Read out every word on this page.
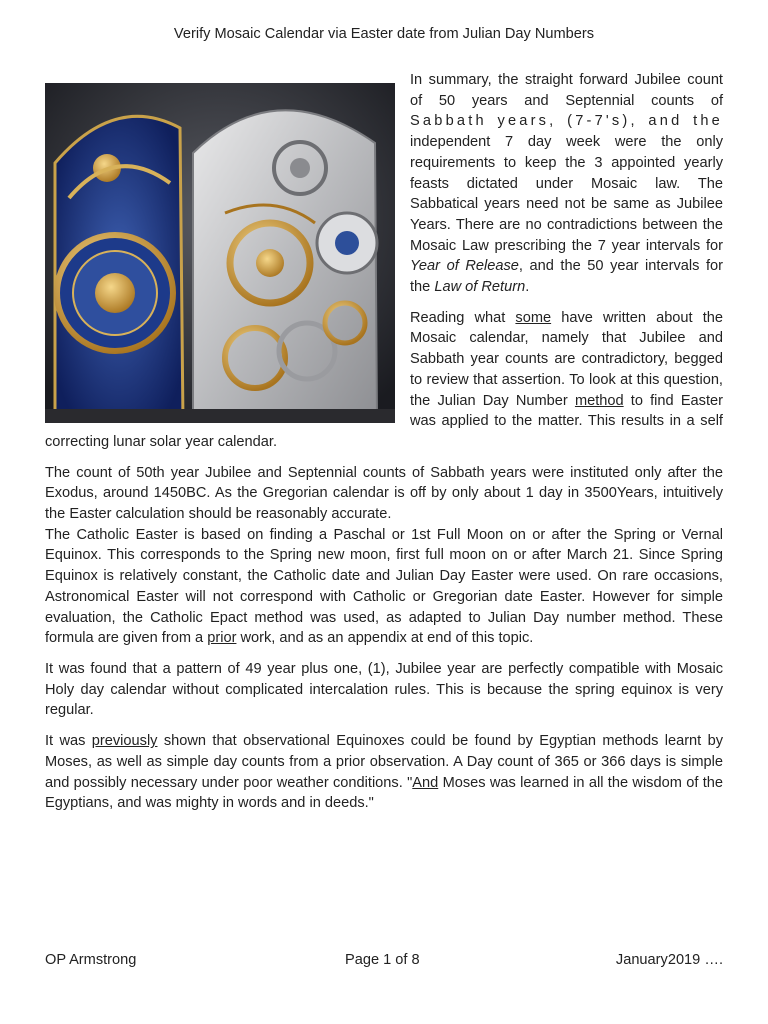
Verify Mosaic Calendar via Easter date from Julian Day Numbers

In summary, the straight forward Jubilee count of 50 years and Septennial counts of Sabbath years, (7-7's), and the independent 7 day week were the only requirements to keep the 3 appointed yearly feasts dictated under Mosaic law. The Sabbatical years need not be same as Jubilee Years. There are no contradictions between the Mosaic Law prescribing the 7 year intervals for Year of Release, and the 50 year intervals for the Law of Return.

Reading what some have written about the Mosaic calendar, namely that Jubilee and Sabbath year counts are contradictory, begged to review that assertion. To look at this question, the Julian Day Number method to find Easter was applied to the matter. This results in a self correcting lunar solar year calendar.

The count of 50th year Jubilee and Septennial counts of Sabbath years were instituted only after the Exodus, around 1450BC. As the Gregorian calendar is off by only about 1 day in 3500Years, intuitively the Easter calculation should be reasonably accurate.

The Catholic Easter is based on finding a Paschal or 1st Full Moon on or after the Spring or Vernal Equinox. This corresponds to the Spring new moon, first full moon on or after March 21. Since Spring Equinox is relatively constant, the Catholic date and Julian Day Easter were used. On rare occasions, Astronomical Easter will not correspond with Catholic or Gregorian date Easter. However for simple evaluation, the Catholic Epact method was used, as adapted to Julian Day number method. These formula are given from a prior work, and as an appendix at end of this topic.

It was found that a pattern of 49 year plus one, (1), Jubilee year are perfectly compatible with Mosaic Holy day calendar without complicated intercalation rules. This is because the spring equinox is very regular.

It was previously shown that observational Equinoxes could be found by Egyptian methods learnt by Moses, as well as simple day counts from a prior observation. A Day count of 365 or 366 days is simple and possibly necessary under poor weather conditions. "And Moses was learned in all the wisdom of the Egyptians, and was mighty in words and in deeds."

OP Armstrong	Page 1 of 8	January2019 ….
